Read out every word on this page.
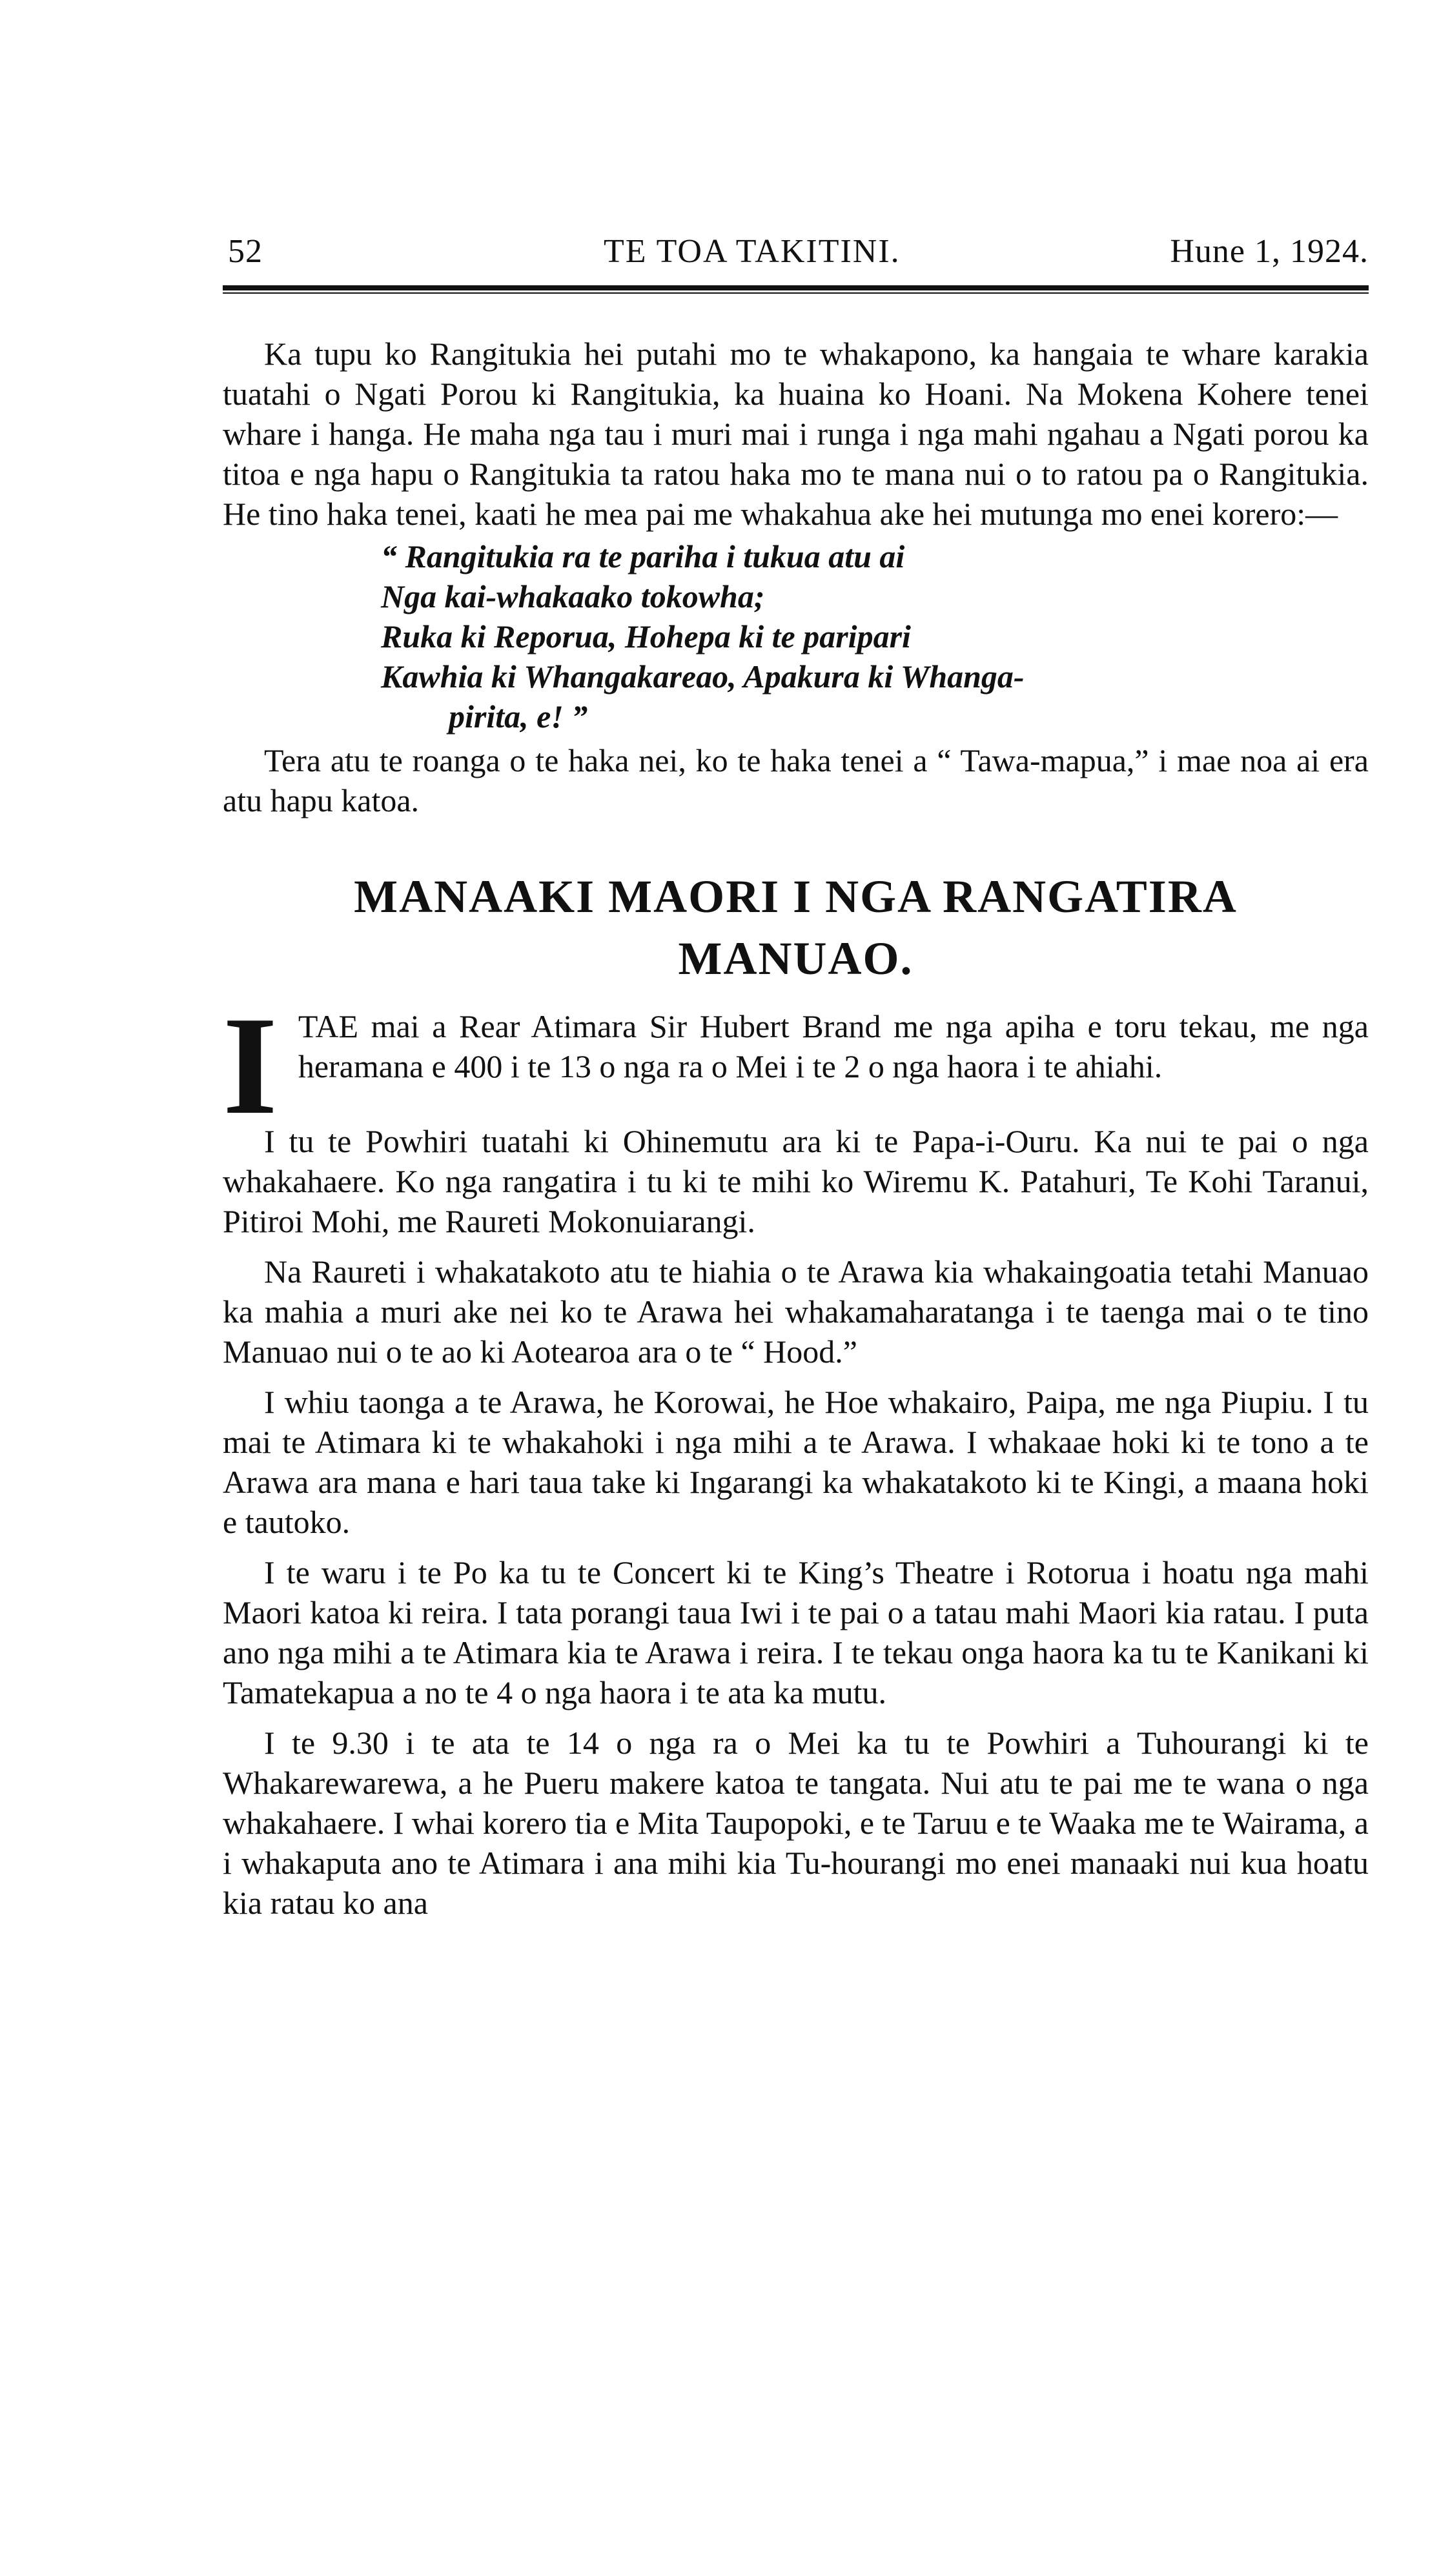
52	TE TOA TAKITINI.	Hune 1, 1924.

Ka tupu ko Rangitukia hei putahi mo te whakapono, ka hangaia te whare karakia tuatahi o Ngati Porou ki Rangitukia, ka huaina ko Hoani. Na Mokena Kohere tenei whare i hanga. He maha nga tau i muri mai i runga i nga mahi ngahau a Ngati porou ka titoa e nga hapu o Rangitukia ta ratou haka mo te mana nui o to ratou pa o Rangitukia. He tino haka tenei, kaati he mea pai me whakahua ake hei mutunga mo enei korero:—

“ Rangitukia ra te pariha i tukua atu ai
Nga kai-whakaako tokowha;
Ruka ki Reporua, Hohepa ki te paripari
Kawhia ki Whangakareao, Apakura ki Whanga-
pirita, e! ”

Tera atu te roanga o te haka nei, ko te haka tenei a “ Tawa-mapua,” i mae noa ai era atu hapu katoa.

MANAAKI MAORI I NGA RANGATIRA
MANUAO.

I TAE mai a Rear Atimara Sir Hubert Brand me nga apiha e toru tekau, me nga heramana e 400 i te 13 o nga ra o Mei i te 2 o nga haora i te ahiahi.

I tu te Powhiri tuatahi ki Ohinemutu ara ki te Papa-i-Ouru. Ka nui te pai o nga whakahaere. Ko nga rangatira i tu ki te mihi ko Wiremu K. Patahuri, Te Kohi Taranui, Pitiroi Mohi, me Raureti Mokonuiarangi.

Na Raureti i whakatakoto atu te hiahia o te Arawa kia whakaingoatia tetahi Manuao ka mahia a muri ake nei ko te Arawa hei whakamaharatanga i te taenga mai o te tino Manuao nui o te ao ki Aotearoa ara o te “ Hood.”

I whiu taonga a te Arawa, he Korowai, he Hoe whakairo, Paipa, me nga Piupiu. I tu mai te Atimara ki te whakahoki i nga mihi a te Arawa. I whakaae hoki ki te tono a te Arawa ara mana e hari taua take ki Ingarangi ka whakatakoto ki te Kingi, a maana hoki e tautoko.

I te waru i te Po ka tu te Concert ki te King’s Theatre i Rotorua i hoatu nga mahi Maori katoa ki reira. I tata porangi taua Iwi i te pai o a tatau mahi Maori kia ratau. I puta ano nga mihi a te Atimara kia te Arawa i reira. I te tekau onga haora ka tu te Kanikani ki Tamatekapua a no te 4 o nga haora i te ata ka mutu.

I te 9.30 i te ata te 14 o nga ra o Mei ka tu te Powhiri a Tuhourangi ki te Whakarewarewa, a he Pueru makere katoa te tangata. Nui atu te pai me te wana o nga whakahaere. I whai korero tia e Mita Taupopoki, e te Taruu e te Waaka me te Wairama, a i whakaputa ano te Atimara i ana mihi kia Tu-hourangi mo enei manaaki nui kua hoatu kia ratau ko ana
